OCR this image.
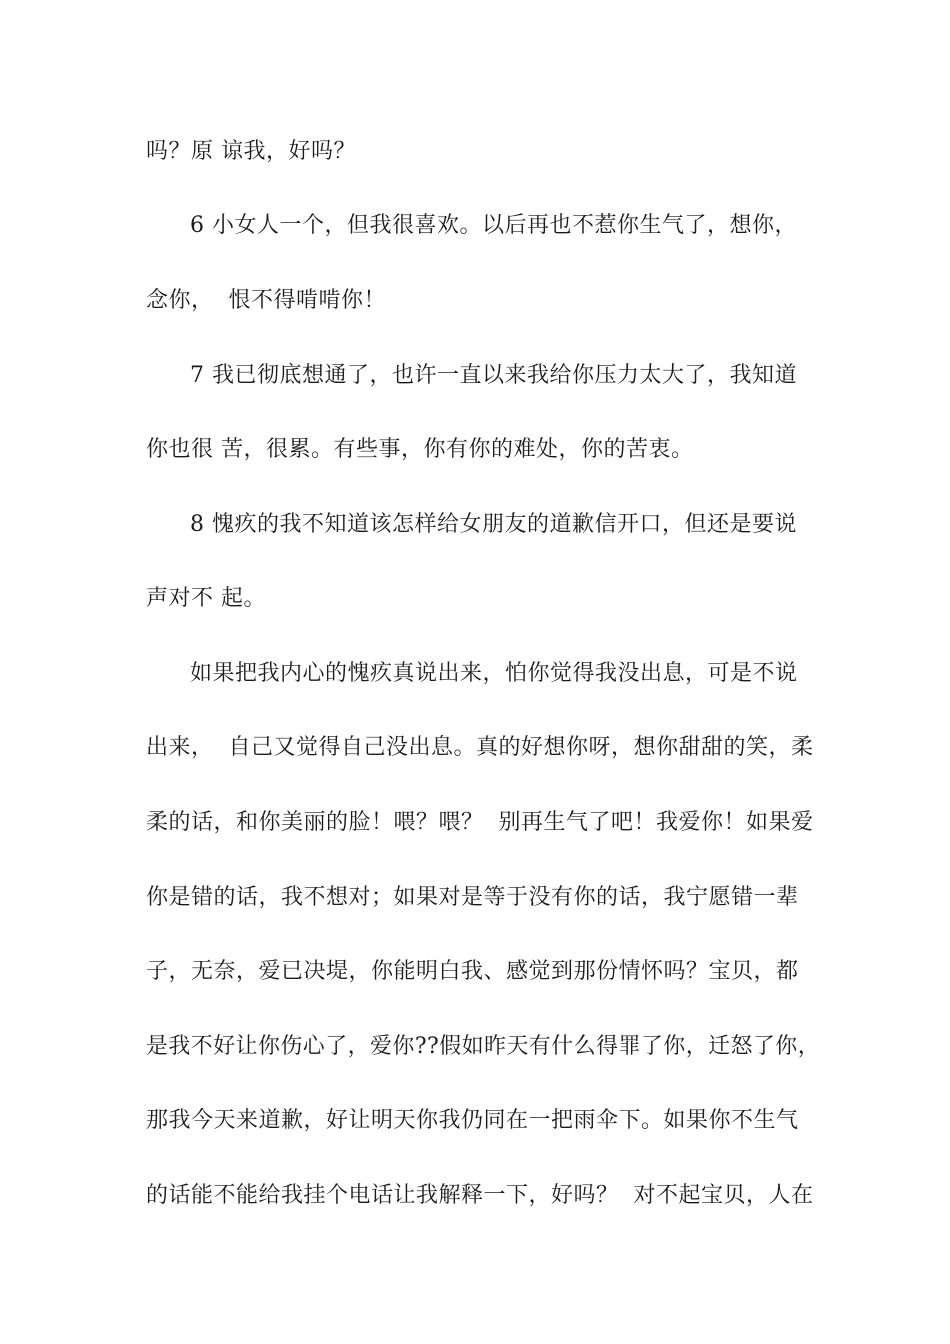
吗？原 谅我，好吗？
6 小女人一个，但我很喜欢。以后再也不惹你生气了，想你，
念你，  恨不得啃啃你！
7 我已彻底想通了，也许一直以来我给你压力太大了，我知道
你也很 苦，很累。有些事，你有你的难处，你的苦衷。
8 愧疚的我不知道该怎样给女朋友的道歉信开口，但还是要说
声对不 起。
如果把我内心的愧疚真说出来，怕你觉得我没出息，可是不说
出来，  自己又觉得自己没出息。真的好想你呀，想你甜甜的笑，柔
柔的话，和你美丽的脸！喂？喂？  别再生气了吧！我爱你！如果爱
你是错的话，我不想对；如果对是等于没有你的话，我宁愿错一辈
子，无奈，爱已决堤，你能明白我、感觉到那份情怀吗？宝贝，都
是我不好让你伤心了，爱你??假如昨天有什么得罪了你，迁怒了你，
那我今天来道歉，好让明天你我仍同在一把雨伞下。如果你不生气
的话能不能给我挂个电话让我解释一下，好吗？  对不起宝贝，人在
